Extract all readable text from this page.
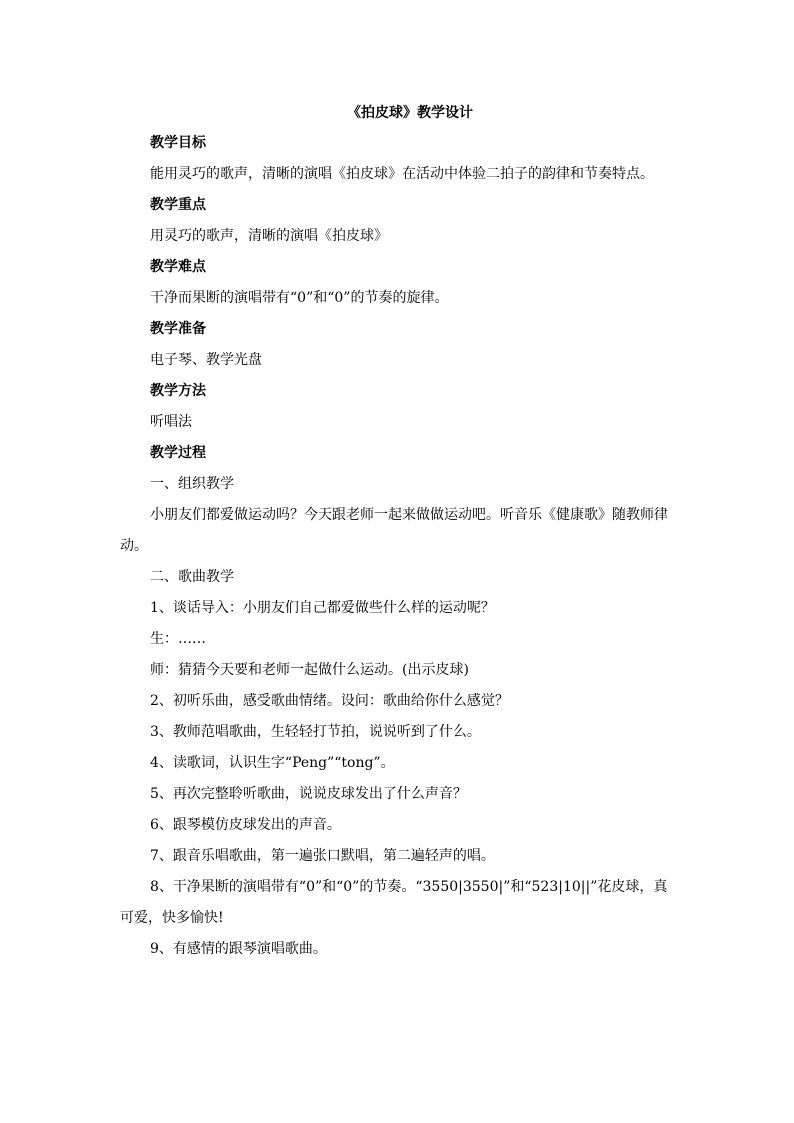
《拍皮球》教学设计

教学目标

能用灵巧的歌声，清晰的演唱《拍皮球》在活动中体验二拍子的韵律和节奏特点。

教学重点

用灵巧的歌声，清晰的演唱《拍皮球》

教学难点

干净而果断的演唱带有“0”和“0”的节奏的旋律。

教学准备

电子琴、教学光盘

教学方法

听唱法

教学过程

一、组织教学

小朋友们都爱做运动吗？今天跟老师一起来做做运动吧。听音乐《健康歌》随教师律动。

二、歌曲教学

1、谈话导入：小朋友们自己都爱做些什么样的运动呢？

生：……

师：猜猜今天要和老师一起做什么运动。(出示皮球)

2、初听乐曲，感受歌曲情绪。设问：歌曲给你什么感觉？

3、教师范唱歌曲，生轻轻打节拍，说说听到了什么。

4、读歌词，认识生字“Peng”“tong”。

5、再次完整聆听歌曲，说说皮球发出了什么声音？

6、跟琴模仿皮球发出的声音。

7、跟音乐唱歌曲，第一遍张口默唱，第二遍轻声的唱。

8、干净果断的演唱带有“0”和“0”的节奏。“3550|3550|”和“523|10||”花皮球，真可爱，快多愉快!

9、有感情的跟琴演唱歌曲。
